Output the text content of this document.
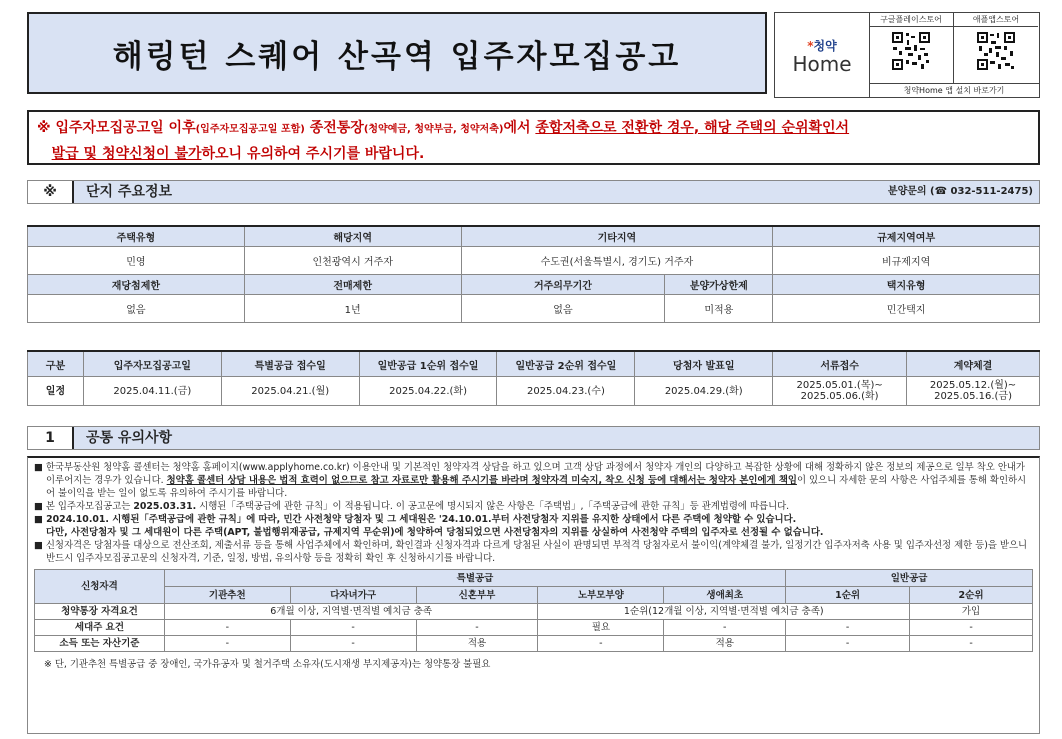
해링턴 스퀘어 산곡역 입주자모집공고	*청약
Home
구글플레이스토어	애플앱스토어
청약Home 앱 설치 바로가기
※ 입주자모집공고일 이후(입주자모집공고일 포함) 종전통장(청약예금, 청약부금, 청약저축)에서 종합저축으로 전환한 경우, 해당 주택의 순위확인서
발급 및 청약신청이 불가하오니 유의하여 주시기를 바랍니다.
※	단지 주요정보	분양문의 (☎ 032-511-2475)
주택유형	해당지역	기타지역		규제지역여부
민영	인천광역시 거주자	수도권(서울특별시, 경기도) 거주자		비규제지역
재당첨제한	전매제한	거주의무기간	분양가상한제	택지유형
없음	1년	없음	미적용	민간택지
구분	입주자모집공고일	특별공급 접수일	일반공급 1순위 접수일	일반공급 2순위 접수일	당첨자 발표일	서류접수	계약체결
일정	2025.04.11.(금)	2025.04.21.(월)	2025.04.22.(화)	2025.04.23.(수)	2025.04.29.(화)	2025.05.01.(목)~
2025.05.06.(화)	2025.05.12.(월)~
2025.05.16.(금)
1	공통 유의사항

■ 한국부동산원 청약홈 콜센터는 청약홈 홈페이지(www.applyhome.co.kr) 이용안내 및 기본적인 청약자격 상담을 하고 있으며 고객 상담 과정에서 청약자 개인의 다양하고 복잡한 상황에 대해 정확하지 않은 정보의 제공으로 일부 착오 안내가 이루어지는 경우가 있습니다. 청약홈 콜센터 상담 내용은 법적 효력이 없으므로 참고 자료로만 활용해 주시기를 바라며 청약자격 미숙지, 착오 신청 등에 대해서는 청약자 본인에게 책임이 있으니 자세한 문의 사항은 사업주체를 통해 확인하시어 불이익을 받는 일이 없도록 유의하여 주시기를 바랍니다.

■ 본 입주자모집공고는 2025.03.31. 시행된「주택공급에 관한 규칙」이 적용됩니다. 이 공고문에 명시되지 않은 사항은「주택법」,「주택공급에 관한 규칙」등 관계법령에 따릅니다.

■ 2024.10.01. 시행된「주택공급에 관한 규칙」에 따라, 민간 사전청약 당첨자 및 그 세대원은 '24.10.01.부터 사전당첨자 지위를 유지한 상태에서 다른 주택에 청약할 수 있습니다.
다만, 사전당첨자 및 그 세대원이 다른 주택(APT, 불법행위재공급, 규제지역 무순위)에 청약하여 당첨되었으면 사전당첨자의 지위를 상실하여 사전청약 주택의 입주자로 선정될 수 없습니다.

■ 신청자격은 당첨자를 대상으로 전산조회, 제출서류 등을 통해 사업주체에서 확인하며, 확인결과 신청자격과 다르게 당첨된 사실이 판명되면 부적격 당첨자로서 불이익(계약체결 불가, 일정기간 입주자저축 사용 및 입주자선정 제한 등)을 받으니 반드시 입주자모집공고문의 신청자격, 기준, 일정, 방법, 유의사항 등을 정확히 확인 후 신청하시기를 바랍니다.

신청자격	특별공급					일반공급	
	기관추천	다자녀가구	신혼부부	노부모부양	생애최초	1순위	2순위
청약통장 자격요건	6개월 이상, 지역별·면적별 예치금 충족			1순위(12개월 이상, 지역별·면적별 예치금 충족)			가입
세대주 요건	-	-	-	필요	-	-	-
소득 또는 자산기준	-	-	적용	-	적용	-	-
※ 단, 기관추천 특별공급 중 장애인, 국가유공자 및 철거주택 소유자(도시재생 부지제공자)는 청약통장 불필요
